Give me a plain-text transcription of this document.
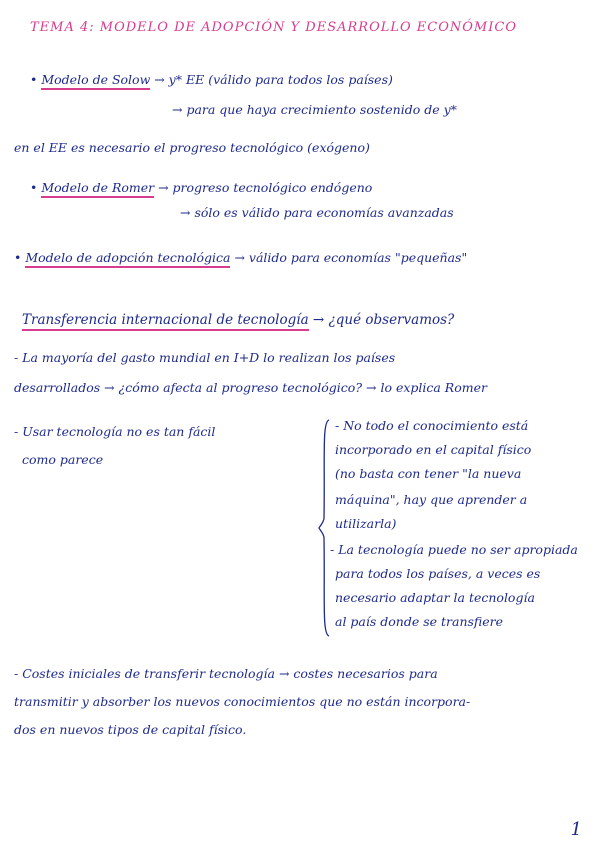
TEMA 4: MODELO DE ADOPCIÓN Y DESARROLLO ECONÓMICO
• Modelo de Solow → y* EE (válido para todos los países)
→ para que haya crecimiento sostenido de y*
en el EE es necesario el progreso tecnológico (exógeno)
• Modelo de Romer → progreso tecnológico endógeno
→ sólo es válido para economías avanzadas
• Modelo de adopción tecnológica → válido para economías "pequeñas"
Transferencia internacional de tecnología → ¿qué observamos?
- La mayoría del gasto mundial en I+D lo realizan los países
desarrollados → ¿cómo afecta al progreso tecnológico? → lo explica Romer
- Usar tecnología no es tan fácil
como parece
- No todo el conocimiento está
incorporado en el capital físico
(no basta con tener "la nueva
máquina", hay que aprender a
utilizarla)
- La tecnología puede no ser apropiada
para todos los países, a veces es
necesario adaptar la tecnología
al país donde se transfiere
- Costes iniciales de transferir tecnología → costes necesarios para
transmitir y absorber los nuevos conocimientos que no están incorpora-
dos en nuevos tipos de capital físico.
1
